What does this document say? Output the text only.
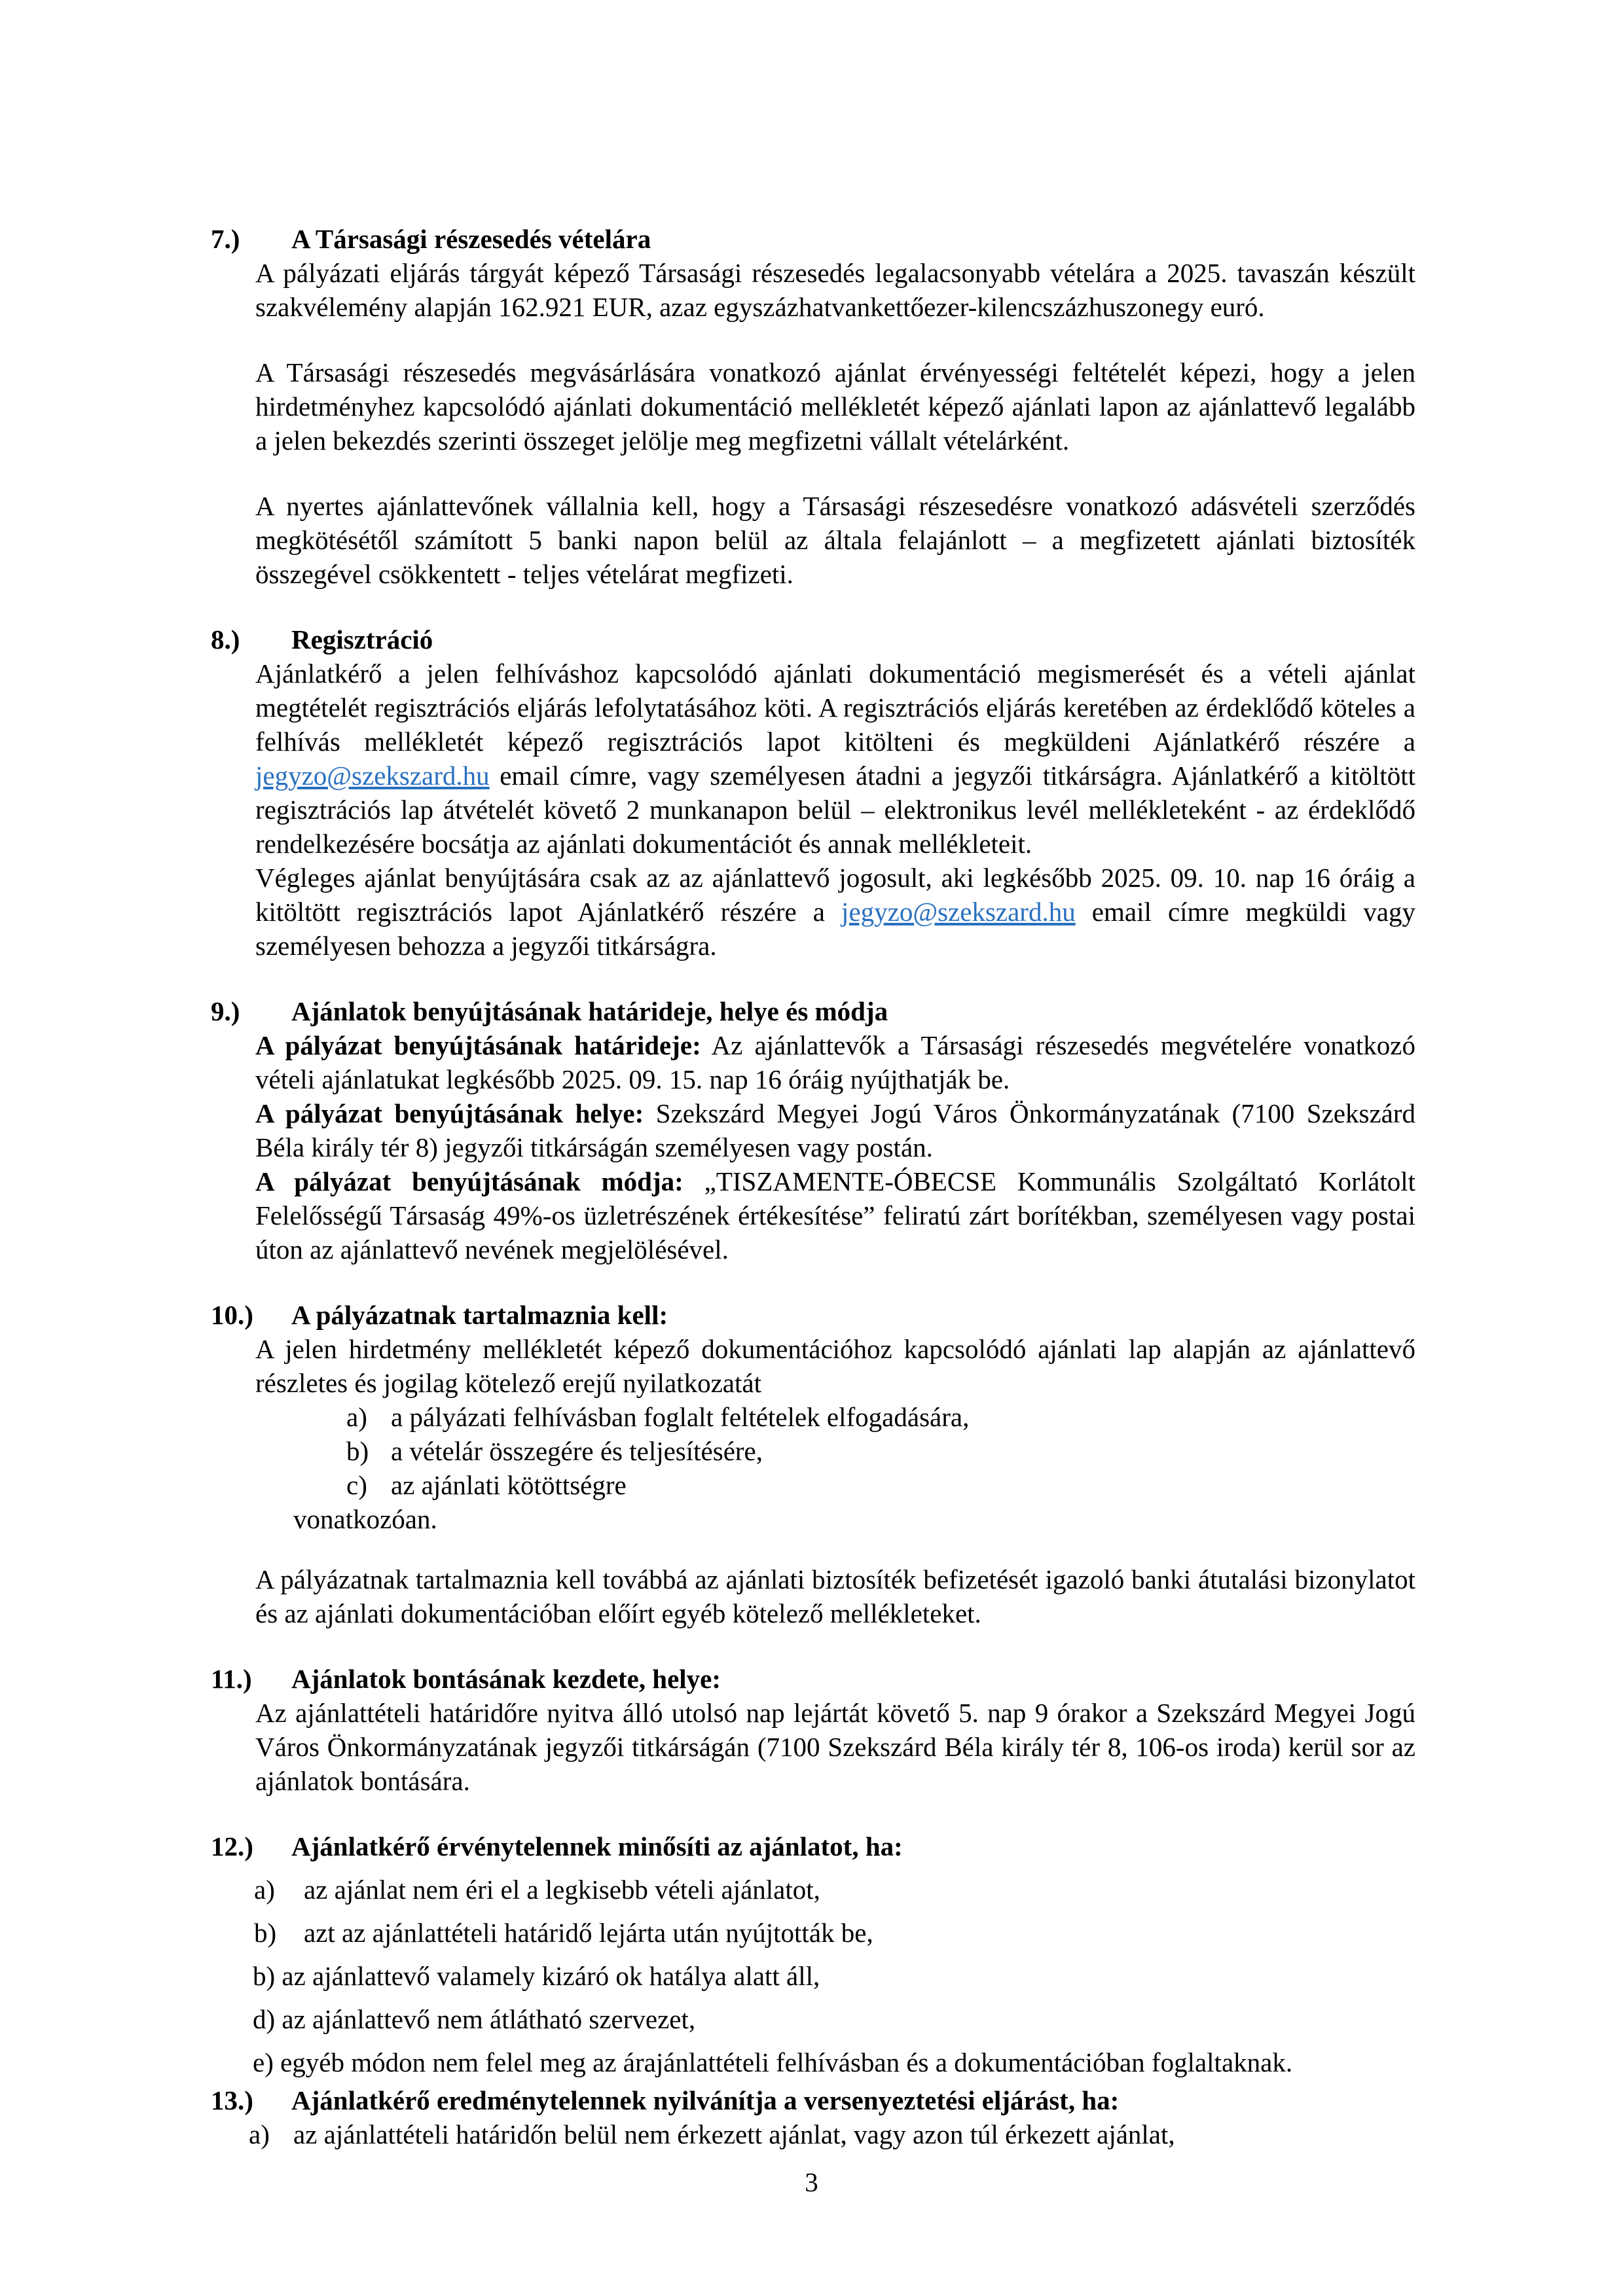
7.)	A Társasági részesedés vételára

A pályázati eljárás tárgyát képező Társasági részesedés legalacsonyabb vételára a 2025. tavaszán készült szakvélemény alapján 162.921 EUR, azaz egyszázhatvankettőezer-kilencszázhuszonegy euró.

A Társasági részesedés megvásárlására vonatkozó ajánlat érvényességi feltételét képezi, hogy a jelen hirdetményhez kapcsolódó ajánlati dokumentáció mellékletét képező ajánlati lapon az ajánlattevő legalább a jelen bekezdés szerinti összeget jelölje meg megfizetni vállalt vételárként.

A nyertes ajánlattevőnek vállalnia kell, hogy a Társasági részesedésre vonatkozó adásvételi szerződés megkötésétől számított 5 banki napon belül az általa felajánlott – a megfizetett ajánlati biztosíték összegével csökkentett - teljes vételárat megfizeti.

8.)	Regisztráció

Ajánlatkérő a jelen felhíváshoz kapcsolódó ajánlati dokumentáció megismerését és a vételi ajánlat megtételét regisztrációs eljárás lefolytatásához köti. A regisztrációs eljárás keretében az érdeklődő köteles a felhívás mellékletét képező regisztrációs lapot kitölteni és megküldeni Ajánlatkérő részére a jegyzo@szekszard.hu email címre, vagy személyesen átadni a jegyzői titkárságra. Ajánlatkérő a kitöltött regisztrációs lap átvételét követő 2 munkanapon belül – elektronikus levél mellékleteként - az érdeklődő rendelkezésére bocsátja az ajánlati dokumentációt és annak mellékleteit.

Végleges ajánlat benyújtására csak az az ajánlattevő jogosult, aki legkésőbb 2025. 09. 10. nap 16 óráig a kitöltött regisztrációs lapot Ajánlatkérő részére a jegyzo@szekszard.hu email címre megküldi vagy személyesen behozza a jegyzői titkárságra.

9.)	Ajánlatok benyújtásának határideje, helye és módja

A pályázat benyújtásának határideje: Az ajánlattevők a Társasági részesedés megvételére vonatkozó vételi ajánlatukat legkésőbb 2025. 09. 15. nap 16 óráig nyújthatják be.

A pályázat benyújtásának helye: Szekszárd Megyei Jogú Város Önkormányzatának (7100 Szekszárd Béla király tér 8) jegyzői titkárságán személyesen vagy postán.

A pályázat benyújtásának módja: „TISZAMENTE-ÓBECSE Kommunális Szolgáltató Korlátolt Felelősségű Társaság 49%-os üzletrészének értékesítése” feliratú zárt borítékban, személyesen vagy postai úton az ajánlattevő nevének megjelölésével.

10.)	A pályázatnak tartalmaznia kell:

A jelen hirdetmény mellékletét képező dokumentációhoz kapcsolódó ajánlati lap alapján az ajánlattevő részletes és jogilag kötelező erejű nyilatkozatát

a) a pályázati felhívásban foglalt feltételek elfogadására,

b) a vételár összegére és teljesítésére,

c) az ajánlati kötöttségre

vonatkozóan.

A pályázatnak tartalmaznia kell továbbá az ajánlati biztosíték befizetését igazoló banki átutalási bizonylatot és az ajánlati dokumentációban előírt egyéb kötelező mellékleteket.

11.)	Ajánlatok bontásának kezdete, helye:

Az ajánlattételi határidőre nyitva álló utolsó nap lejártát követő 5. nap 9 órakor a Szekszárd Megyei Jogú Város Önkormányzatának jegyzői titkárságán (7100 Szekszárd Béla király tér 8, 106-os iroda) kerül sor az ajánlatok bontására.

12.)	Ajánlatkérő érvénytelennek minősíti az ajánlatot, ha:

a)	az ajánlat nem éri el a legkisebb vételi ajánlatot,

b)	azt az ajánlattételi határidő lejárta után nyújtották be,

b) az ajánlattevő valamely kizáró ok hatálya alatt áll,

d) az ajánlattevő nem átlátható szervezet,

e) egyéb módon nem felel meg az árajánlattételi felhívásban és a dokumentációban foglaltaknak.

13.)	Ajánlatkérő eredménytelennek nyilvánítja a versenyeztetési eljárást, ha:

a) az ajánlattételi határidőn belül nem érkezett ajánlat, vagy azon túl érkezett ajánlat,

3
